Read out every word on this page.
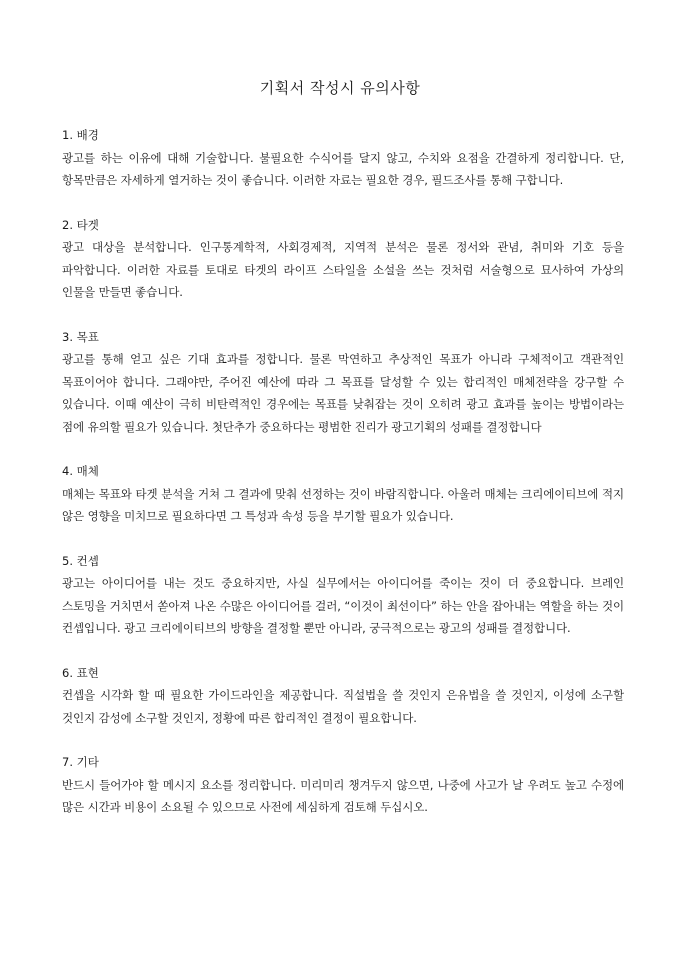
기획서 작성시 유의사항

1. 배경

광고를 하는 이유에 대해 기술합니다. 불필요한 수식어를 달지 않고, 수치와 요점을 간결하게 정리합니다. 단, 항목만큼은 자세하게 열거하는 것이 좋습니다. 이러한 자료는 필요한 경우, 필드조사를 통해 구합니다.

2. 타겟

광고 대상을 분석합니다. 인구통계학적, 사회경제적, 지역적 분석은 물론 정서와 관념, 취미와 기호 등을 파악합니다. 이러한 자료를 토대로 타겟의 라이프 스타일을 소설을 쓰는 것처럼 서술형으로 묘사하여 가상의 인물을 만들면 좋습니다.

3. 목표

광고를 통해 얻고 싶은 기대 효과를 정합니다. 물론 막연하고 추상적인 목표가 아니라 구체적이고 객관적인 목표이어야 합니다. 그래야만, 주어진 예산에 따라 그 목표를 달성할 수 있는 합리적인 매체전략을 강구할 수 있습니다. 이때 예산이 극히 비탄력적인 경우에는 목표를 낮춰잡는 것이 오히려 광고 효과를 높이는 방법이라는 점에 유의할 필요가 있습니다. 첫단추가 중요하다는 평범한 진리가 광고기획의 성패를 결정합니다

4. 매체

매체는 목표와 타겟 분석을 거쳐 그 결과에 맞춰 선정하는 것이 바람직합니다. 아울러 매체는 크리에이티브에 적지 않은 영향을 미치므로 필요하다면 그 특성과 속성 등을 부기할 필요가 있습니다.

5. 컨셉

광고는 아이디어를 내는 것도 중요하지만, 사실 실무에서는 아이디어를 죽이는 것이 더 중요합니다. 브레인 스토밍을 거치면서 쏟아져 나온 수많은 아이디어를 걸러, “이것이 최선이다” 하는 안을 잡아내는 역할을 하는 것이 컨셉입니다. 광고 크리에이티브의 방향을 결정할 뿐만 아니라, 궁극적으로는 광고의 성패를 결정합니다.

6. 표현

컨셉을 시각화 할 때 필요한 가이드라인을 제공합니다. 직설법을 쓸 것인지 은유법을 쓸 것인지, 이성에 소구할 것인지 감성에 소구할 것인지, 정황에 따른 합리적인 결정이 필요합니다.

7. 기타

반드시 들어가야 할 메시지 요소를 정리합니다. 미리미리 챙겨두지 않으면, 나중에 사고가 날 우려도 높고 수정에 많은 시간과 비용이 소요될 수 있으므로 사전에 세심하게 검토해 두십시오.
